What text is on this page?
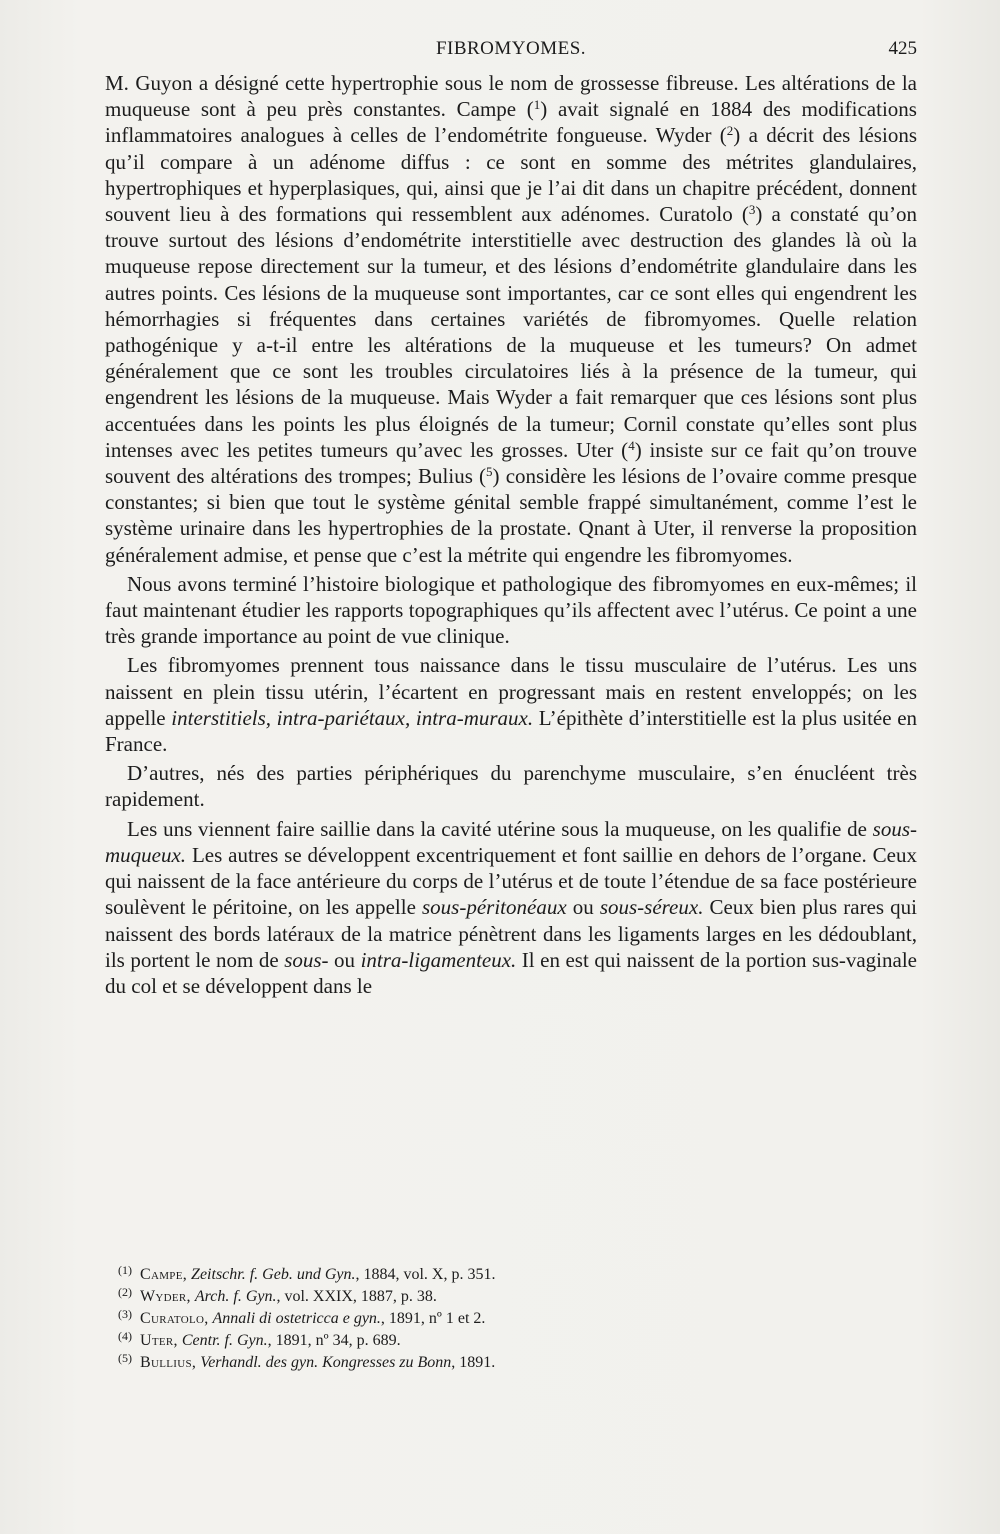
FIBROMYOMES.	425

M. Guyon a désigné cette hypertrophie sous le nom de grossesse fibreuse. Les altérations de la muqueuse sont à peu près constantes. Campe ($^1$) avait signalé en 1884 des modifications inflammatoires analogues à celles de l’endométrite fongueuse. Wyder ($^2$) a décrit des lésions qu’il compare à un adénome diffus : ce sont en somme des métrites glandulaires, hypertrophiques et hyperplasiques, qui, ainsi que je l’ai dit dans un chapitre précédent, donnent souvent lieu à des formations qui ressemblent aux adénomes. Curatolo ($^3$) a constaté qu’on trouve surtout des lésions d’endométrite interstitielle avec destruction des glandes là où la muqueuse repose directement sur la tumeur, et des lésions d’endométrite glandulaire dans les autres points. Ces lésions de la muqueuse sont importantes, car ce sont elles qui engendrent les hémorrhagies si fréquentes dans certaines variétés de fibromyomes. Quelle relation pathogénique y a-t-il entre les altérations de la muqueuse et les tumeurs? On admet généralement que ce sont les troubles circulatoires liés à la présence de la tumeur, qui engendrent les lésions de la muqueuse. Mais Wyder a fait remarquer que ces lésions sont plus accentuées dans les points les plus éloignés de la tumeur; Cornil constate qu’elles sont plus intenses avec les petites tumeurs qu’avec les grosses. Uter ($^4$) insiste sur ce fait qu’on trouve souvent des altérations des trompes; Bulius ($^5$) considère les lésions de l’ovaire comme presque constantes; si bien que tout le système génital semble frappé simultanément, comme l’est le système urinaire dans les hypertrophies de la prostate. Qnant à Uter, il renverse la proposition généralement admise, et pense que c’est la métrite qui engendre les fibromyomes.

Nous avons terminé l’histoire biologique et pathologique des fibromyomes en eux-mêmes; il faut maintenant étudier les rapports topographiques qu’ils affectent avec l’utérus. Ce point a une très grande importance au point de vue clinique.

Les fibromyomes prennent tous naissance dans le tissu musculaire de l’utérus. Les uns naissent en plein tissu utérin, l’écartent en progressant mais en restent enveloppés; on les appelle interstitiels, intra-pariétaux, intra-muraux. L’épithète d’interstitielle est la plus usitée en France.

D’autres, nés des parties périphériques du parenchyme musculaire, s’en énucléent très rapidement.

Les uns viennent faire saillie dans la cavité utérine sous la muqueuse, on les qualifie de sous-muqueux. Les autres se développent excentriquement et font saillie en dehors de l’organe. Ceux qui naissent de la face antérieure du corps de l’utérus et de toute l’étendue de sa face postérieure soulèvent le péritoine, on les appelle sous-péritonéaux ou sous-séreux. Ceux bien plus rares qui naissent des bords latéraux de la matrice pénètrent dans les ligaments larges en les dédoublant, ils portent le nom de sous- ou intra-ligamenteux. Il en est qui naissent de la portion sus-vaginale du col et se développent dans le

(1) Campe, Zeitschr. f. Geb. und Gyn., 1884, vol. X, p. 351.

(2) Wyder, Arch. f. Gyn., vol. XXIX, 1887, p. 38.

(3) Curatolo, Annali di ostetricca e gyn., 1891, nº 1 et 2.

(4) Uter, Centr. f. Gyn., 1891, nº 34, p. 689.

(5) Bullius, Verhandl. des gyn. Kongresses zu Bonn, 1891.
